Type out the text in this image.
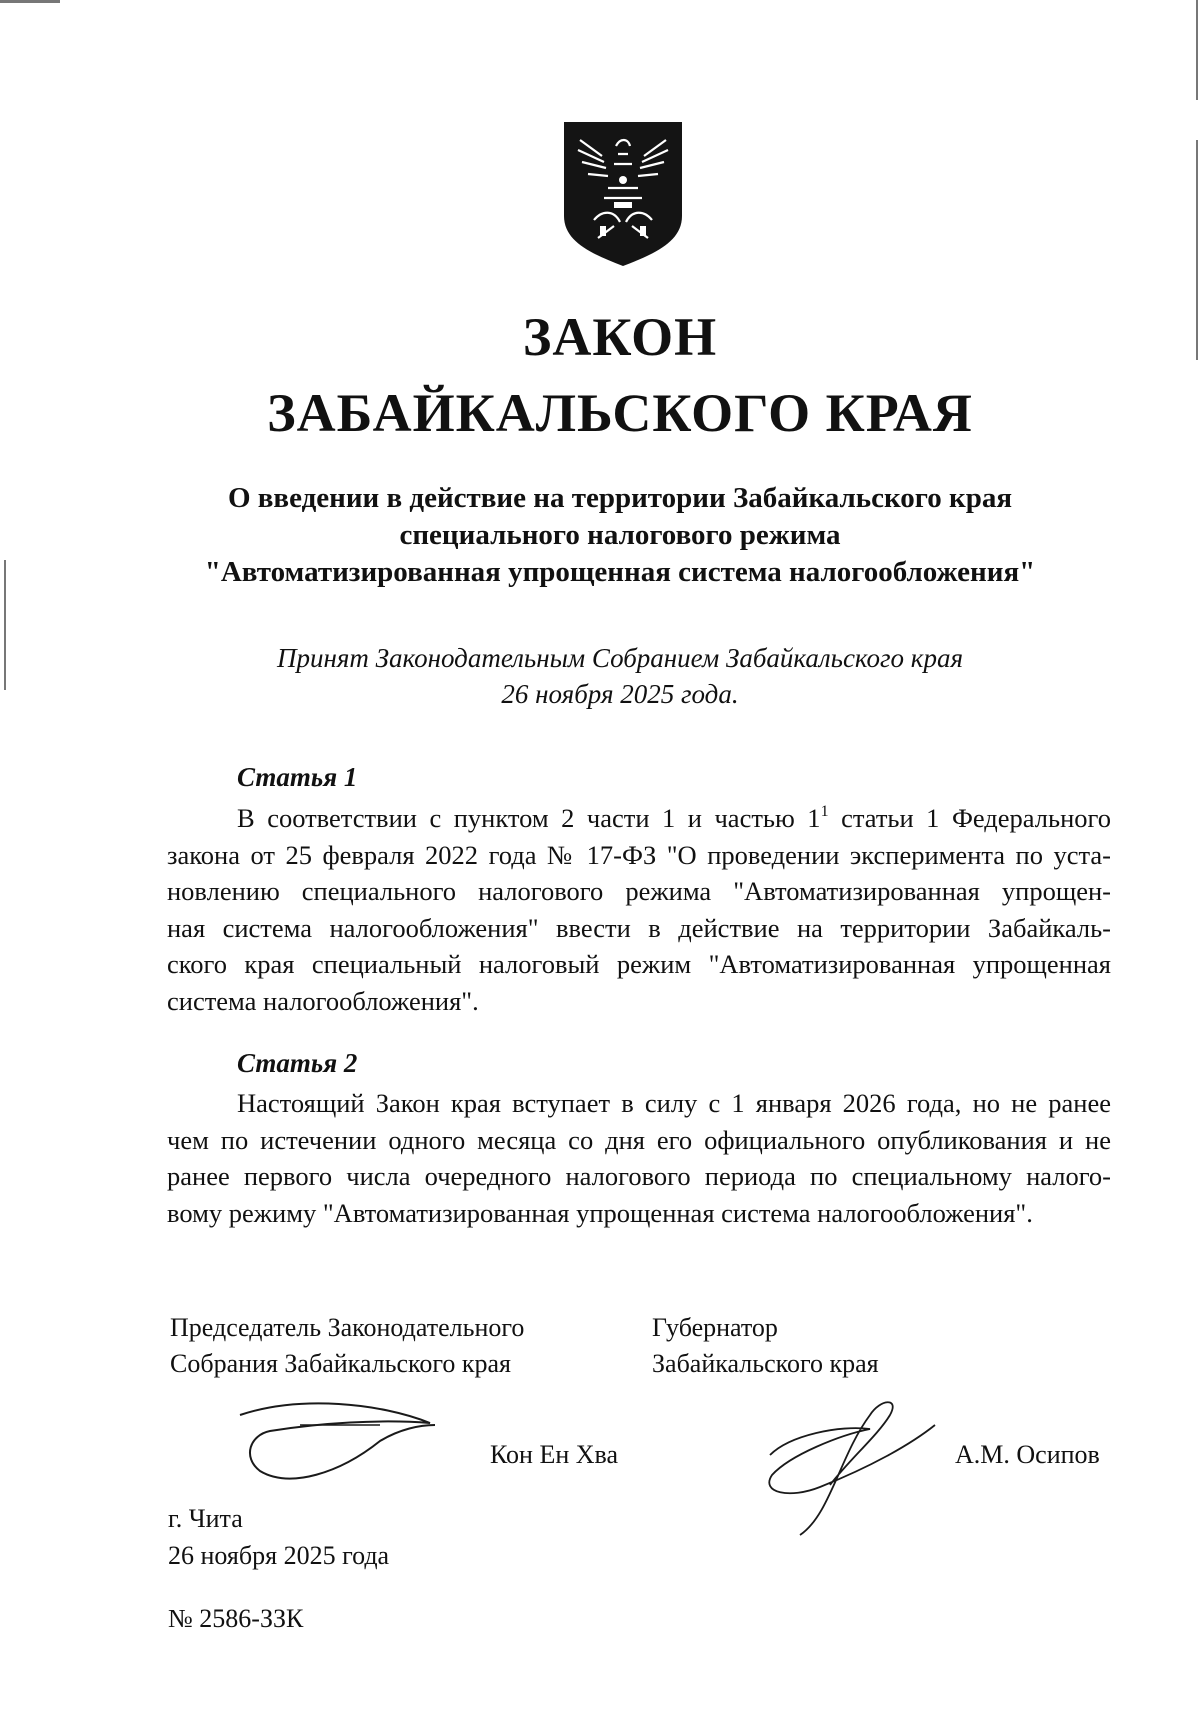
ЗАКОН
ЗАБАЙКАЛЬСКОГО КРАЯ
О введении в действие на территории Забайкальского края
специального налогового режима
"Автоматизированная упрощенная система налогообложения"
Принят Законодательным Собранием Забайкальского края
26 ноября 2025 года.
Статья 1
В соответствии с пунктом 2 части 1 и частью $1^1$ статьи 1 Федерального
закона от 25 февраля 2022 года № 17-ФЗ "О проведении эксперимента по уста-
новлению специального налогового режима "Автоматизированная упрощен-
ная система налогообложения" ввести в действие на территории Забайкаль-
ского края специальный налоговый режим "Автоматизированная упрощенная
система налогообложения".
Статья 2
Настоящий Закон края вступает в силу с 1 января 2026 года, но не ранее
чем по истечении одного месяца со дня его официального опубликования и не
ранее первого числа очередного налогового периода по специальному налого-
вому режиму "Автоматизированная упрощенная система налогообложения".
Председатель Законодательного
Собрания Забайкальского края
Губернатор
Забайкальского края
Кон Ен Хва	А.М. Осипов
г. Чита
26 ноября 2025 года
№ 2586-ЗЗК
